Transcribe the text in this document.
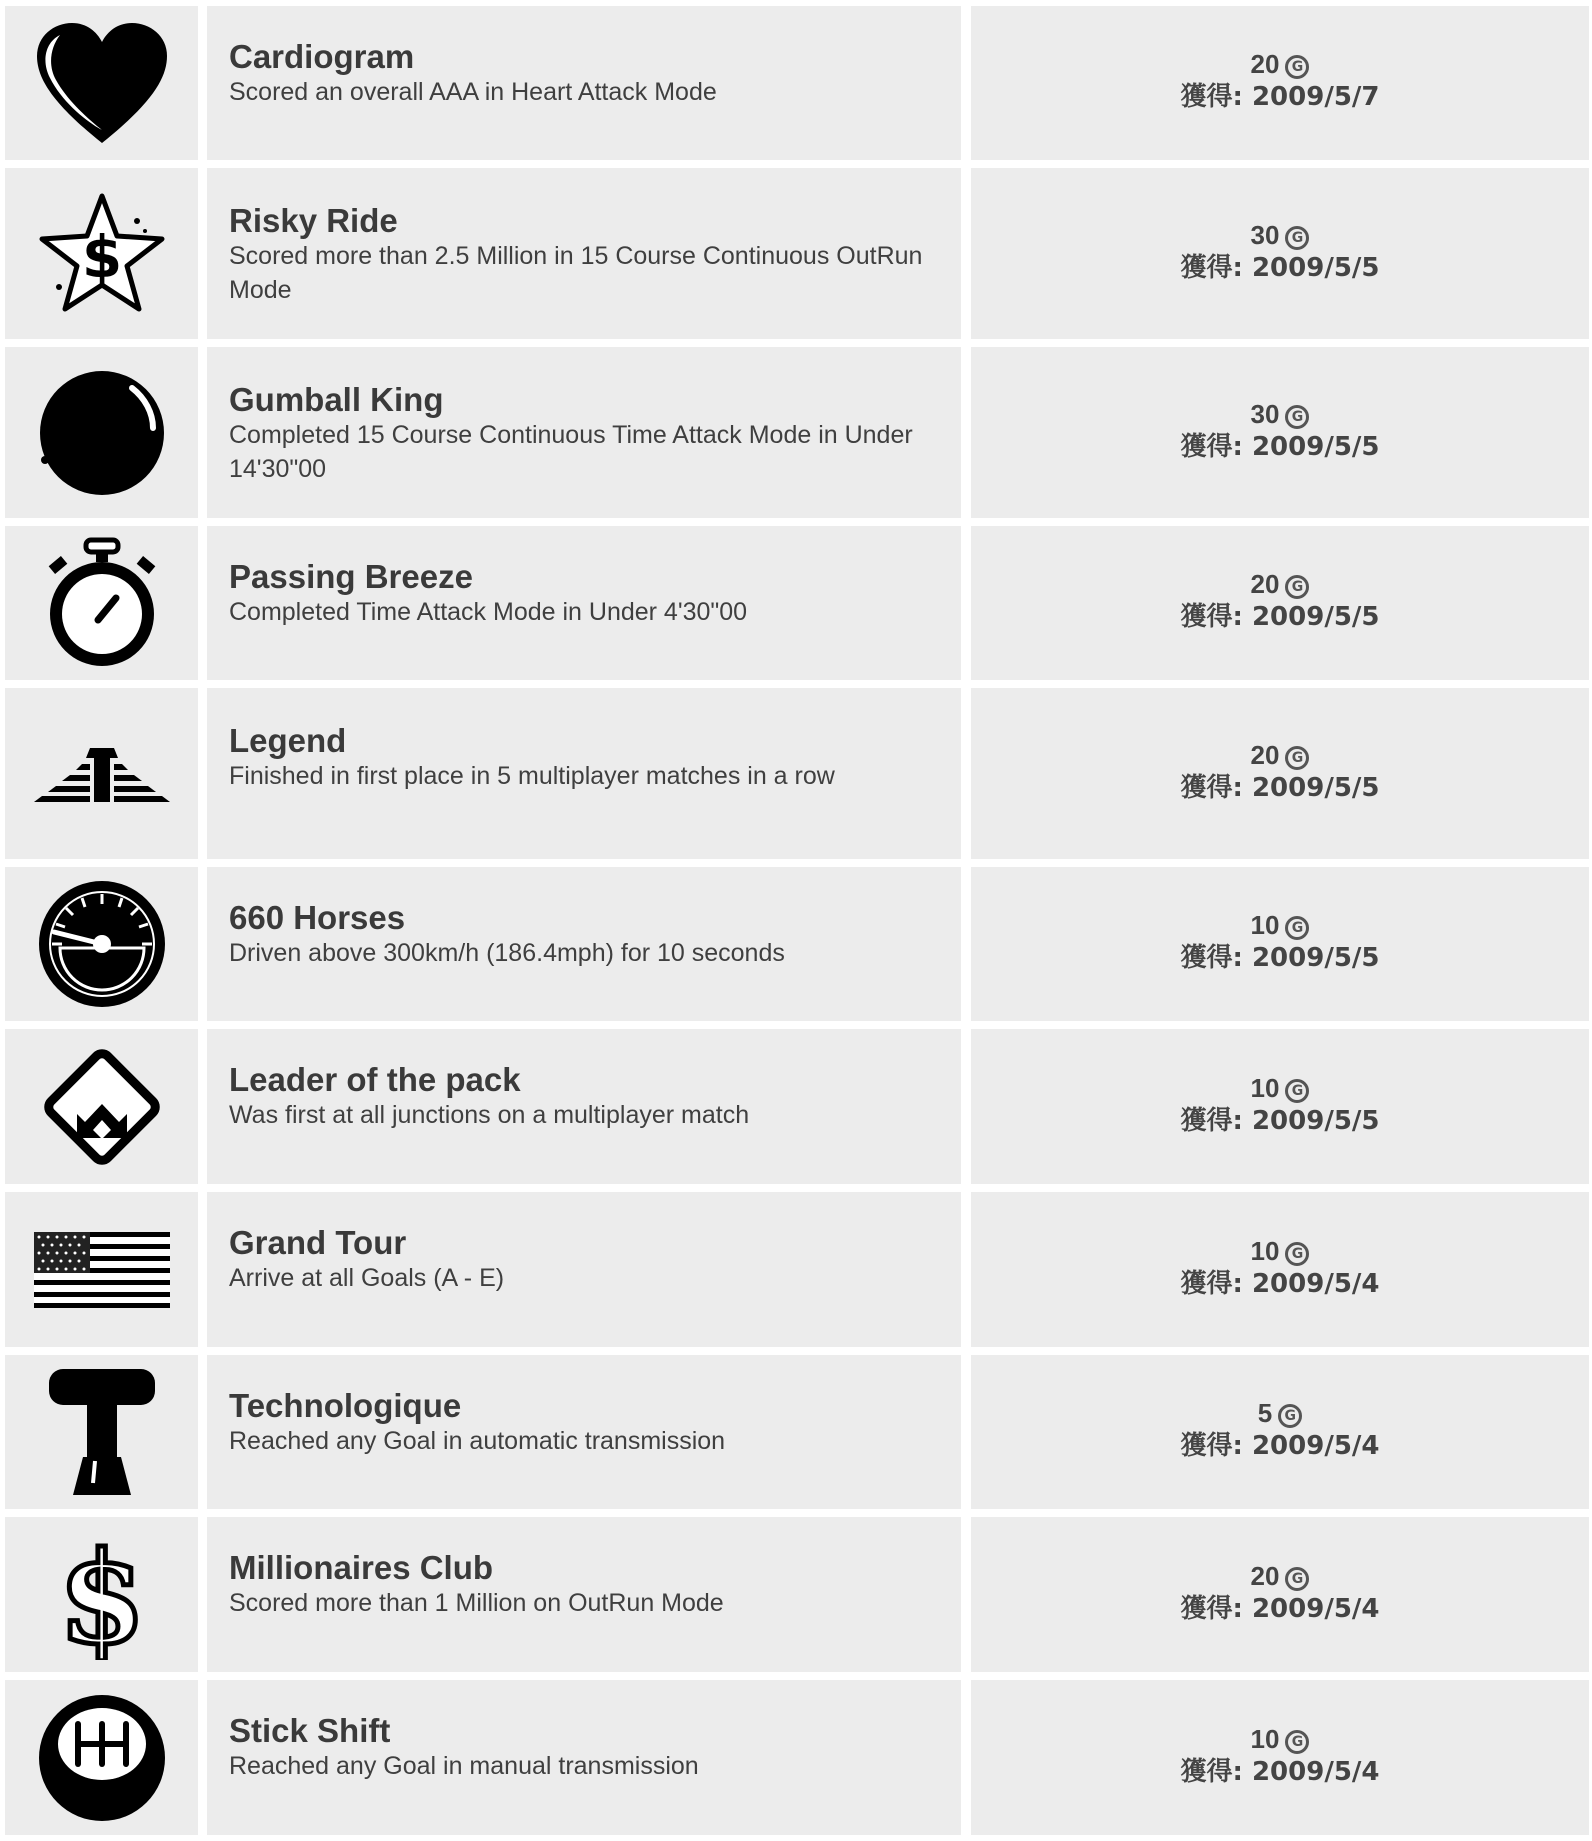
Cardiogram
Scored an overall AAA in Heart Attack Mode
20 G
獲得: 2009/5/7
$
Risky Ride
Scored more than 2.5 Million in 15 Course Continuous OutRun Mode
30 G
獲得: 2009/5/5
Gumball King
Completed 15 Course Continuous Time Attack Mode in Under 14'30"00
30 G
獲得: 2009/5/5
Passing Breeze
Completed Time Attack Mode in Under 4'30"00
20 G
獲得: 2009/5/5
Legend
Finished in first place in 5 multiplayer matches in a row
20 G
獲得: 2009/5/5
660 Horses
Driven above 300km/h (186.4mph) for 10 seconds
10 G
獲得: 2009/5/5
Leader of the pack
Was first at all junctions on a multiplayer match
10 G
獲得: 2009/5/5
Grand Tour
Arrive at all Goals (A - E)
10 G
獲得: 2009/5/4
Technologique
Reached any Goal in automatic transmission
5 G
獲得: 2009/5/4
$	Millionaires Club
Scored more than 1 Million on OutRun Mode
20 G
獲得: 2009/5/4
Stick Shift
Reached any Goal in manual transmission
10 G
獲得: 2009/5/4
